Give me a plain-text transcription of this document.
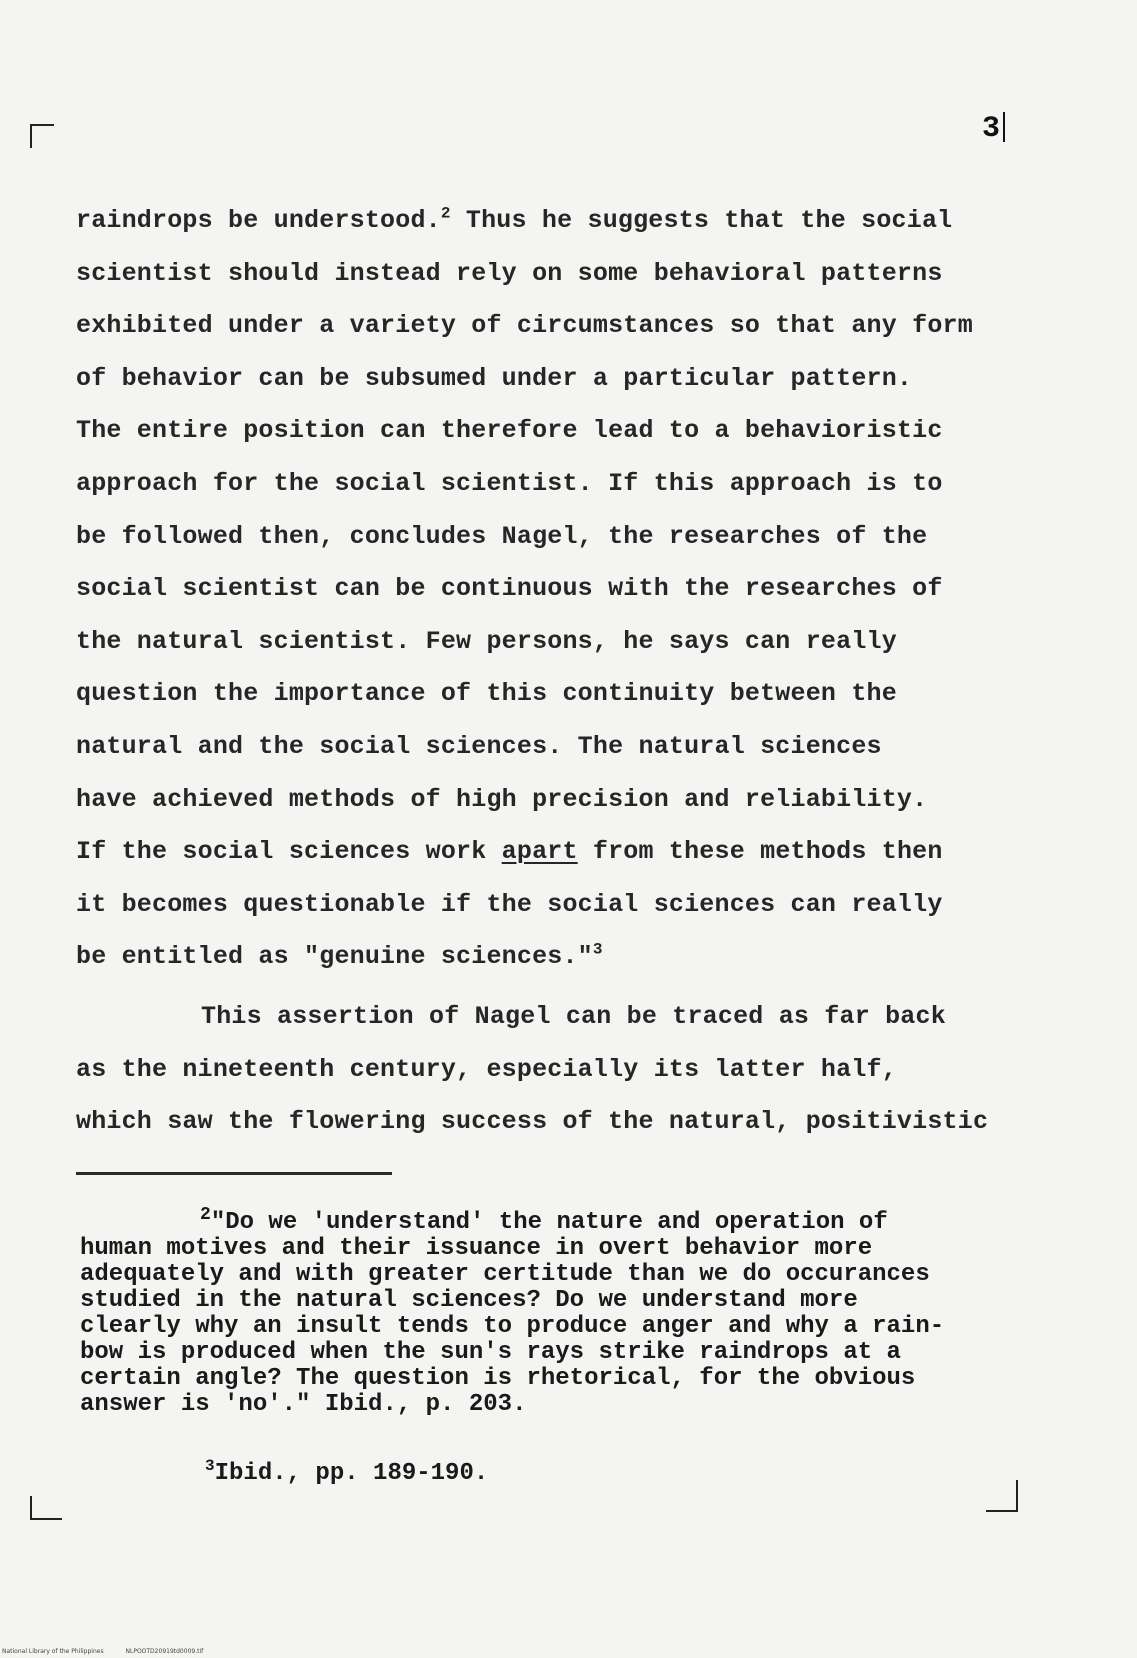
3
raindrops be understood.$^2$ Thus he suggests that the social
scientist should instead rely on some behavioral patterns
exhibited under a variety of circumstances so that any form
of behavior can be subsumed under a particular pattern.
The entire position can therefore lead to a behavioristic
approach for the social scientist. If this approach is to
be followed then, concludes Nagel, the researches of the
social scientist can be continuous with the researches of
the natural scientist. Few persons, he says can really
question the importance of this continuity between the
natural and the social sciences. The natural sciences
have achieved methods of high precision and reliability.
If the social sciences work apart from these methods then
it becomes questionable if the social sciences can really
be entitled as "genuine sciences."$^3$
This assertion of Nagel can be traced as far back
as the nineteenth century, especially its latter half,
which saw the flowering success of the natural, positivistic
$^2$"Do we 'understand' the nature and operation of
human motives and their issuance in overt behavior more
adequately and with greater certitude than we do occurances
studied in the natural sciences? Do we understand more
clearly why an insult tends to produce anger and why a rain-
bow is produced when the sun's rays strike raindrops at a
certain angle? The question is rhetorical, for the obvious
answer is 'no'." Ibid., p. 203.
$^3$Ibid., pp. 189-190.
National Library of the Philippines	NLPOOTD20919td0009.tif
